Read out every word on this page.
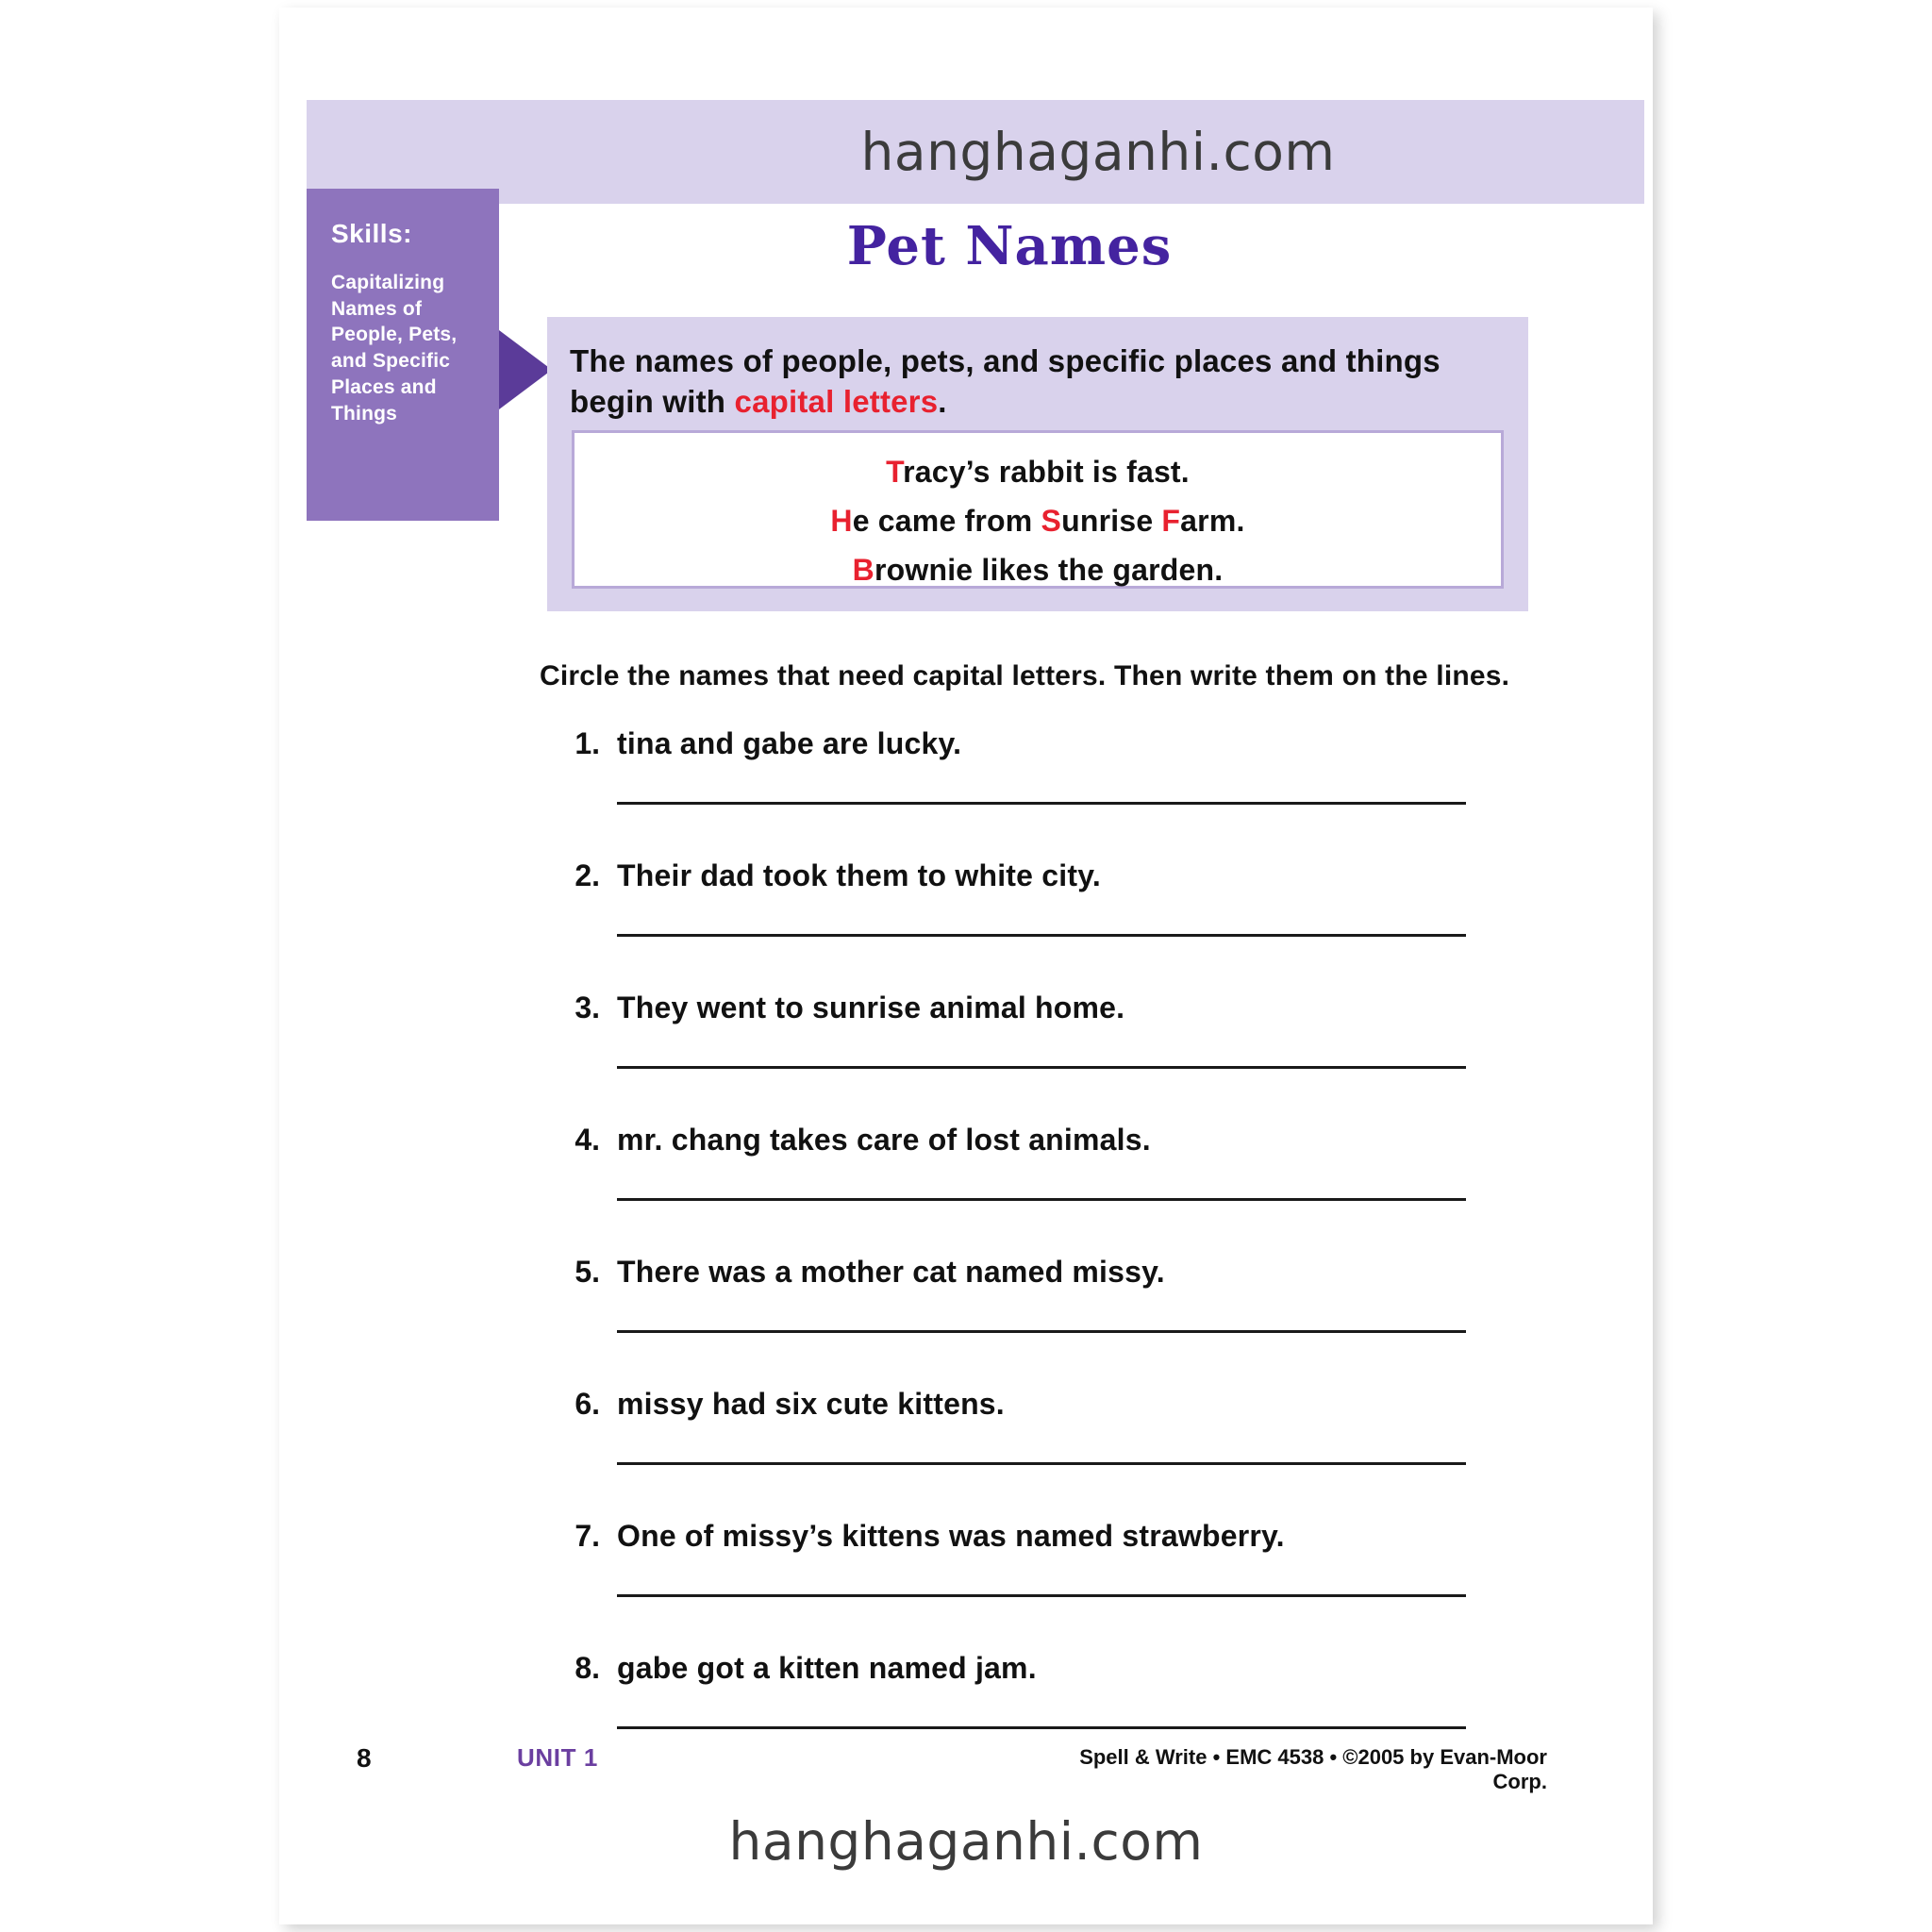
hanghaganhi.com
Skills:
Capitalizing Names of People, Pets, and Specific Places and Things
Pet Names
The names of people, pets, and specific places and things begin with capital letters.
Tracy’s rabbit is fast.
He came from Sunrise Farm.
Brownie likes the garden.
Circle the names that need capital letters. Then write them on the lines.
1. tina and gabe are lucky.
2. Their dad took them to white city.
3. They went to sunrise animal home.
4. mr. chang takes care of lost animals.
5. There was a mother cat named missy.
6. missy had six cute kittens.
7. One of missy’s kittens was named strawberry.
8. gabe got a kitten named jam.
8	UNIT 1	Spell & Write • EMC 4538 • ©2005 by Evan-Moor Corp.
hanghaganhi.com
